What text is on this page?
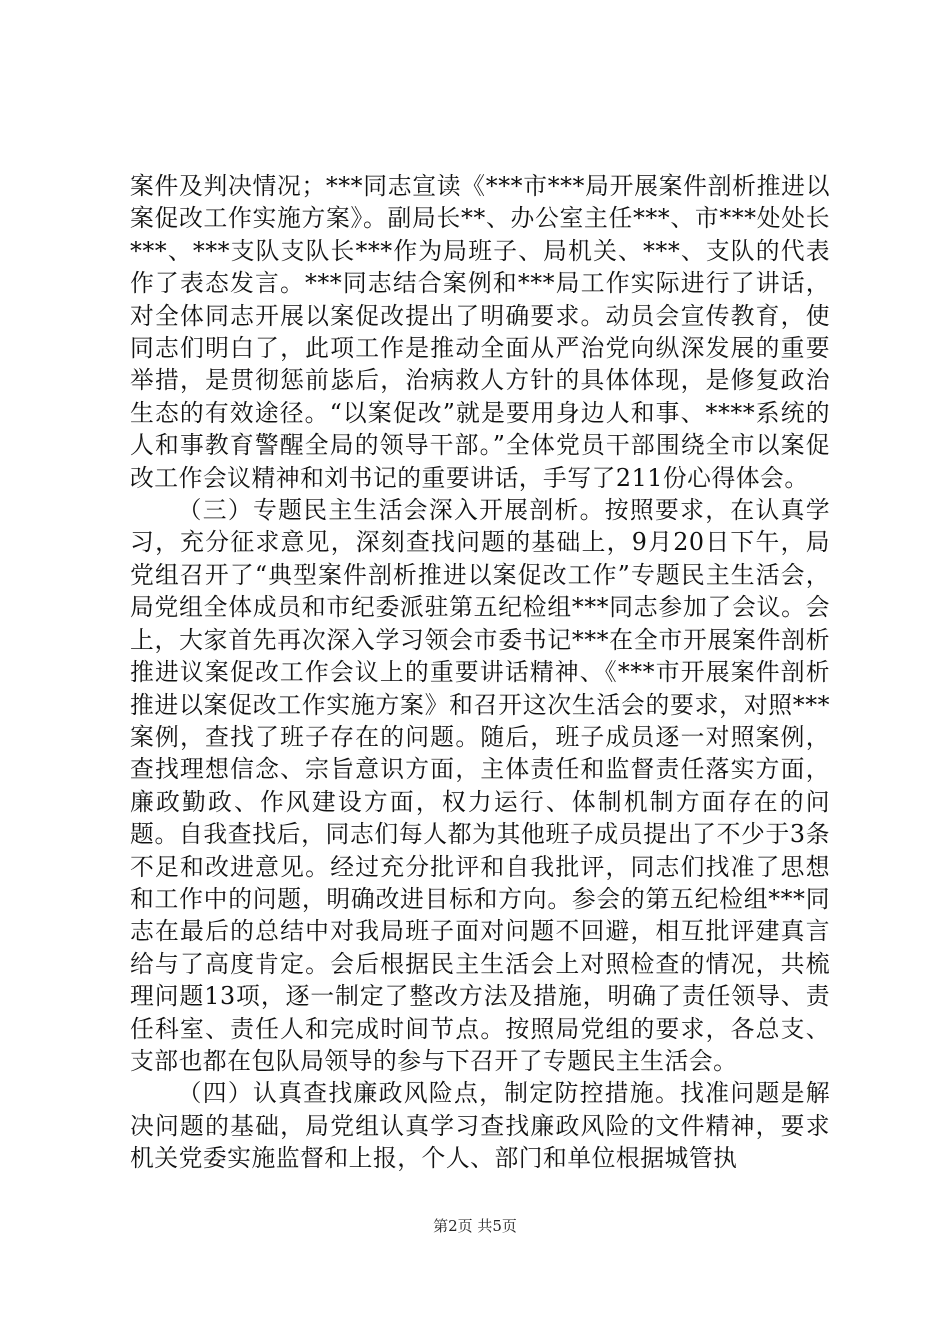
案件及判决情况；***同志宣读《***市***局开展案件剖析推进以案促改工作实施方案》。副局长**、办公室主任***、市***处处长***、***支队支队长***作为局班子、局机关、***、支队的代表作了表态发言。***同志结合案例和***局工作实际进行了讲话，对全体同志开展以案促改提出了明确要求。动员会宣传教育，使同志们明白了，此项工作是推动全面从严治党向纵深发展的重要举措，是贯彻惩前毖后，治病救人方针的具体体现，是修复政治生态的有效途径。“以案促改”就是要用身边人和事、****系统的人和事教育警醒全局的领导干部。”全体党员干部围绕全市以案促改工作会议精神和刘书记的重要讲话，手写了211份心得体会。

（三）专题民主生活会深入开展剖析。按照要求，在认真学习，充分征求意见，深刻查找问题的基础上，9月20日下午，局党组召开了“典型案件剖析推进以案促改工作”专题民主生活会，局党组全体成员和市纪委派驻第五纪检组***同志参加了会议。会上，大家首先再次深入学习领会市委书记***在全市开展案件剖析推进议案促改工作会议上的重要讲话精神、《***市开展案件剖析推进以案促改工作实施方案》和召开这次生活会的要求，对照***案例，查找了班子存在的问题。随后，班子成员逐一对照案例，查找理想信念、宗旨意识方面，主体责任和监督责任落实方面，廉政勤政、作风建设方面，权力运行、体制机制方面存在的问题。自我查找后，同志们每人都为其他班子成员提出了不少于3条不足和改进意见。经过充分批评和自我批评，同志们找准了思想和工作中的问题，明确改进目标和方向。参会的第五纪检组***同志在最后的总结中对我局班子面对问题不回避，相互批评建真言给与了高度肯定。会后根据民主生活会上对照检查的情况，共梳理问题13项，逐一制定了整改方法及措施，明确了责任领导、责任科室、责任人和完成时间节点。按照局党组的要求，各总支、支部也都在包队局领导的参与下召开了专题民主生活会。

（四）认真查找廉政风险点，制定防控措施。找准问题是解决问题的基础，局党组认真学习查找廉政风险的文件精神，要求机关党委实施监督和上报，个人、部门和单位根据城管执

第2页 共5页
